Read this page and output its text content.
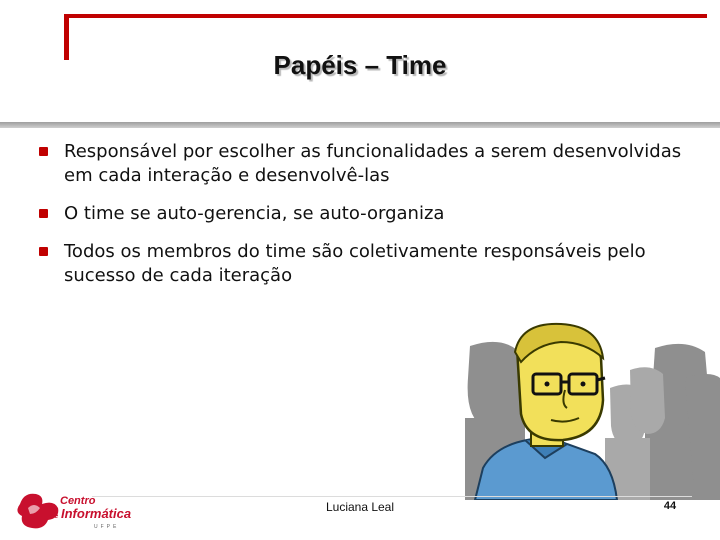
Papéis – Time
Responsável por escolher as funcionalidades a serem desenvolvidas em cada interação e desenvolvê-las
O time se auto-gerencia, se auto-organiza
Todos os membros do time são coletivamente responsáveis pelo sucesso de cada iteração
Centro
de Informática
UFPE
Luciana Leal	44
